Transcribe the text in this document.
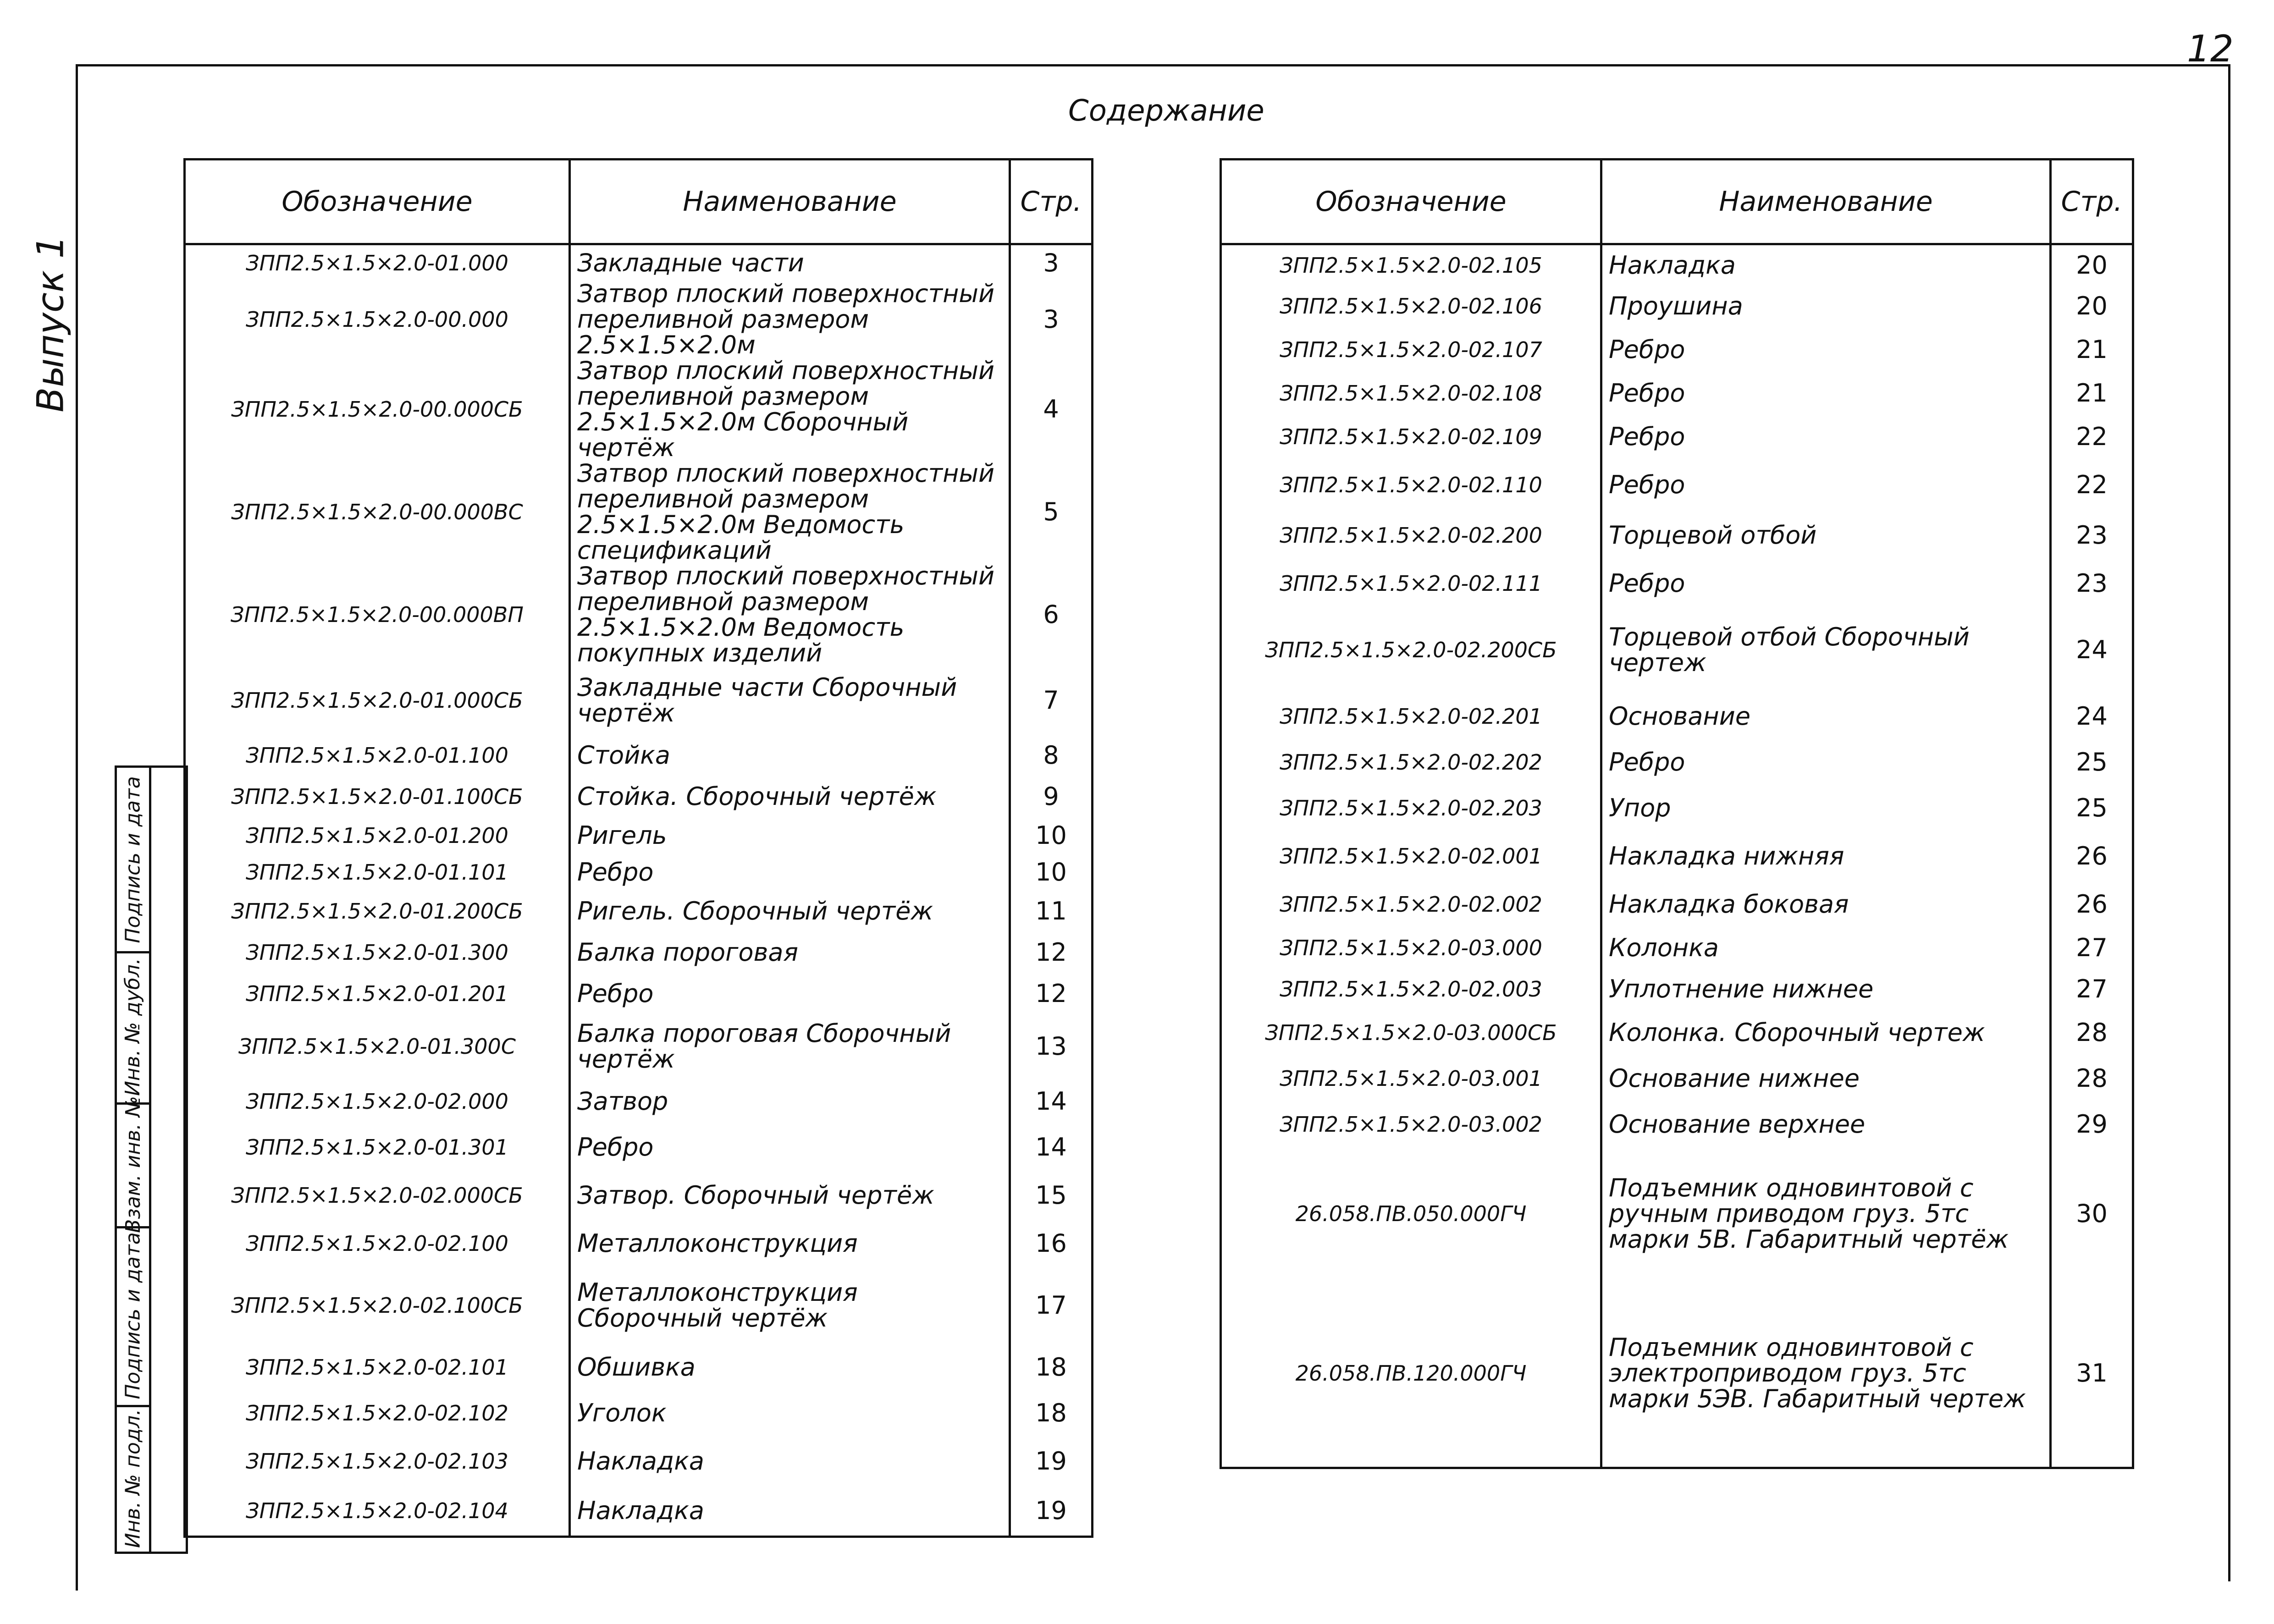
12
Содержание
Выпуск 1
Подпись и дата
Инв. № дубл.
Взам. инв. №
Подпись и дата
Инв. № подл.
Обозначение	Наименование	Стр.
ЗПП2.5×1.5×2.0-01.000	Закладные части	3
ЗПП2.5×1.5×2.0-00.000	Затвор плоский поверхностный переливной размером 2.5×1.5×2.0м	3
ЗПП2.5×1.5×2.0-00.000СБ	Затвор плоский поверхностный переливной размером 2.5×1.5×2.0м Сборочный чертёж	4
ЗПП2.5×1.5×2.0-00.000ВС	Затвор плоский поверхностный переливной размером 2.5×1.5×2.0м Ведомость спецификаций	5
ЗПП2.5×1.5×2.0-00.000ВП	Затвор плоский поверхностный переливной размером 2.5×1.5×2.0м Ведомость покупных изделий	6
ЗПП2.5×1.5×2.0-01.000СБ	Закладные части Сборочный чертёж	7
ЗПП2.5×1.5×2.0-01.100	Стойка	8
ЗПП2.5×1.5×2.0-01.100СБ	Стойка. Сборочный чертёж	9
ЗПП2.5×1.5×2.0-01.200	Ригель	10
ЗПП2.5×1.5×2.0-01.101	Ребро	10
ЗПП2.5×1.5×2.0-01.200СБ	Ригель. Сборочный чертёж	11
ЗПП2.5×1.5×2.0-01.300	Балка пороговая	12
ЗПП2.5×1.5×2.0-01.201	Ребро	12
ЗПП2.5×1.5×2.0-01.300С	Балка пороговая Сборочный чертёж	13
ЗПП2.5×1.5×2.0-02.000	Затвор	14
ЗПП2.5×1.5×2.0-01.301	Ребро	14
ЗПП2.5×1.5×2.0-02.000СБ	Затвор. Сборочный чертёж	15
ЗПП2.5×1.5×2.0-02.100	Металлоконструкция	16
ЗПП2.5×1.5×2.0-02.100СБ	Металлоконструкция Сборочный чертёж	17
ЗПП2.5×1.5×2.0-02.101	Обшивка	18
ЗПП2.5×1.5×2.0-02.102	Уголок	18
ЗПП2.5×1.5×2.0-02.103	Накладка	19
ЗПП2.5×1.5×2.0-02.104	Накладка	19
Обозначение	Наименование	Стр.
ЗПП2.5×1.5×2.0-02.105	Накладка	20
ЗПП2.5×1.5×2.0-02.106	Проушина	20
ЗПП2.5×1.5×2.0-02.107	Ребро	21
ЗПП2.5×1.5×2.0-02.108	Ребро	21
ЗПП2.5×1.5×2.0-02.109	Ребро	22
ЗПП2.5×1.5×2.0-02.110	Ребро	22
ЗПП2.5×1.5×2.0-02.200	Торцевой отбой	23
ЗПП2.5×1.5×2.0-02.111	Ребро	23
ЗПП2.5×1.5×2.0-02.200СБ	Торцевой отбой Сборочный чертеж	24
ЗПП2.5×1.5×2.0-02.201	Основание	24
ЗПП2.5×1.5×2.0-02.202	Ребро	25
ЗПП2.5×1.5×2.0-02.203	Упор	25
ЗПП2.5×1.5×2.0-02.001	Накладка нижняя	26
ЗПП2.5×1.5×2.0-02.002	Накладка боковая	26
ЗПП2.5×1.5×2.0-03.000	Колонка	27
ЗПП2.5×1.5×2.0-02.003	Уплотнение нижнее	27
ЗПП2.5×1.5×2.0-03.000СБ	Колонка. Сборочный чертеж	28
ЗПП2.5×1.5×2.0-03.001	Основание нижнее	28
ЗПП2.5×1.5×2.0-03.002	Основание верхнее	29
26.058.ПВ.050.000ГЧ	Подъемник одновинтовой с ручным приводом груз. 5тс марки 5В. Габаритный чертёж	30
26.058.ПВ.120.000ГЧ	Подъемник одновинтовой с электроприводом груз. 5тс марки 5ЭВ. Габаритный чертеж	31
